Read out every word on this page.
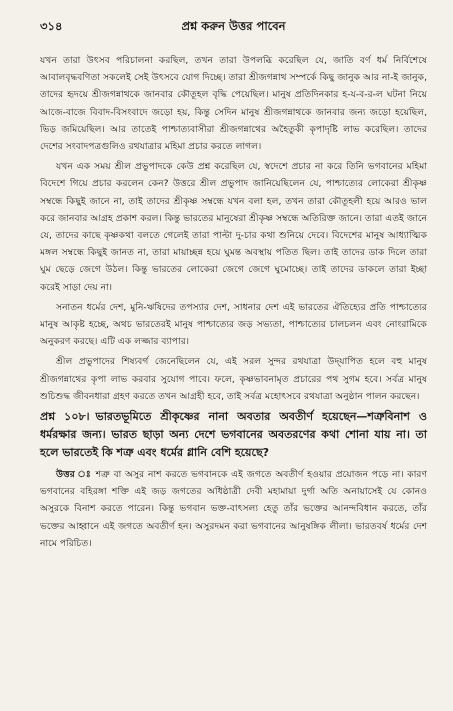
৩১৪	প্রশ্ন করুন উত্তর পাবেন

যখন তারা উৎসব পরিচালনা করছিল, তখন তারা উপলব্ধি করেছিল যে, জাতি বর্ণ ধর্ম নির্বিশেষে আবালবৃদ্ধবণিতা সকলেই সেই উৎসবে যোগ দিচ্ছে। তারা শ্রীজগন্নাথ সম্পর্কে কিছু জানুক আর না-ই জানুক, তাদের হৃদয়ে শ্রীজগন্নাথকে জানবার কৌতূহল বৃদ্ধি পেয়েছিল। মানুষ প্রতিদিনকার হ-য-ব-র-ল ঘটনা নিয়ে আজে-বাজে বিবাদ-বিসংবাদে জড়ো হয়, কিন্তু সেদিন মানুষ শ্রীজগন্নাথকে জানবার জন্য জড়ো হয়েছিল, ভিড় জমিয়েছিল। আর তাতেই পাশ্চাত্যবাসীরা শ্রীজগন্নাথের অহৈতুকী কৃপাদৃষ্টি লাভ করেছিল। তাদের দেশের সংবাদপত্রগুলিও রথযাত্রার মহিমা প্রচার করতে লাগল।

যখন এক সময় শ্রীল প্রভুপাদকে কেউ প্রশ্ন করেছিল যে, স্বদেশে প্রচার না করে তিনি ভগবানের মহিমা বিদেশে গিয়ে প্রচার করলেন কেন? উত্তরে শ্রীল প্রভুপাদ জানিয়েছিলেন যে, পাশ্চাত্যের লোকেরা শ্রীকৃষ্ণ সম্বন্ধে কিছুই জানে না, তাই তাদের শ্রীকৃষ্ণ সম্বন্ধে যখন বলা হল, তখন তারা কৌতূহলী হয়ে আরও ভাল করে জানবার আগ্রহ প্রকাশ করল। কিন্তু ভারতের মানুষেরা শ্রীকৃষ্ণ সম্বন্ধে অতিরিক্ত জানে। তারা এতই জানে যে, তাদের কাছে কৃষ্ণকথা বলতে গেলেই তারা পাল্টা দু-চার কথা শুনিয়ে দেবে। বিদেশের মানুষ আধ্যাত্মিক মঙ্গল সম্বন্ধে কিছুই জানত না, তারা মায়াচ্ছন্ন হয়ে ঘুমন্ত অবস্থায় পতিত ছিল। তাই তাদের ডাক দিলে তারা ঘুম ছেড়ে জেগে উঠল। কিন্তু ভারতের লোকেরা জেগে জেগে ঘুমোচ্ছে। তাই তাদের ডাকলে তারা ইচ্ছা করেই সাড়া দেয় না।

সনাতন ধর্মের দেশ, মুনি-ঋষিদের তপস্যার দেশ, সাধনার দেশ এই ভারতের ঐতিহ্যের প্রতি পাশ্চাত্যের মানুষ আকৃষ্ট হচ্ছে, অথচ ভারতেরই মানুষ পাশ্চাত্যের জড় সভ্যতা, পাশ্চাত্যের চালচলন এবং নোংরামিকে অনুকরণ করছে। এটি এক লজ্জার ব্যাপার।

শ্রীল প্রভুপাদের শিষ্যবর্গ জেনেছিলেন যে, এই সরল সুন্দর রথযাত্রা উদ্‌যাপিত হলে বহু মানুষ শ্রীজগন্নাথের কৃপা লাভ করবার সুযোগ পাবে। ফলে, কৃষ্ণভাবনামৃত প্রচারের পথ সুগম হবে। সর্বত্র মানুষ শুচিশুদ্ধ জীবনধারা গ্রহণ করতে তখন আগ্রহী হবে, তাই সর্বত্র মহোৎসবে রথযাত্রা অনুষ্ঠান পালন করছেন।

প্রশ্ন ১০৮। ভারতভূমিতে শ্রীকৃষ্ণের নানা অবতার অবতীর্ণ হয়েছেন—শত্রুবিনাশ ও ধর্মরক্ষার জন্য। ভারত ছাড়া অন্য দেশে ভগবানের অবতরণের কথা শোনা যায় না। তা হলে ভারতেই কি শত্রু এবং ধর্মের গ্লানি বেশি হয়েছে?

উত্তর ঃ শত্রু বা অসুর নাশ করতে ভগবানকে এই জগতে অবতীর্ণ হওয়ার প্রয়োজন পড়ে না। কারণ ভগবানের বহিরঙ্গা শক্তি এই জড় জগতের অধিষ্ঠাত্রী দেবী মহামায়া দুর্গা অতি অনায়াসেই যে কোনও অসুরকে বিনাশ করতে পারেন। কিন্তু ভগবান ভক্ত-বাৎসল্য হেতু তাঁর ভক্তের আনন্দবিধান করতে, তাঁর ভক্তের আহ্বানে এই জগতে অবতীর্ণ হন। অসুরদমন করা ভগবানের আনুষঙ্গিক লীলা। ভারতবর্ষ ধর্মের দেশ নামে পরিচিত।
